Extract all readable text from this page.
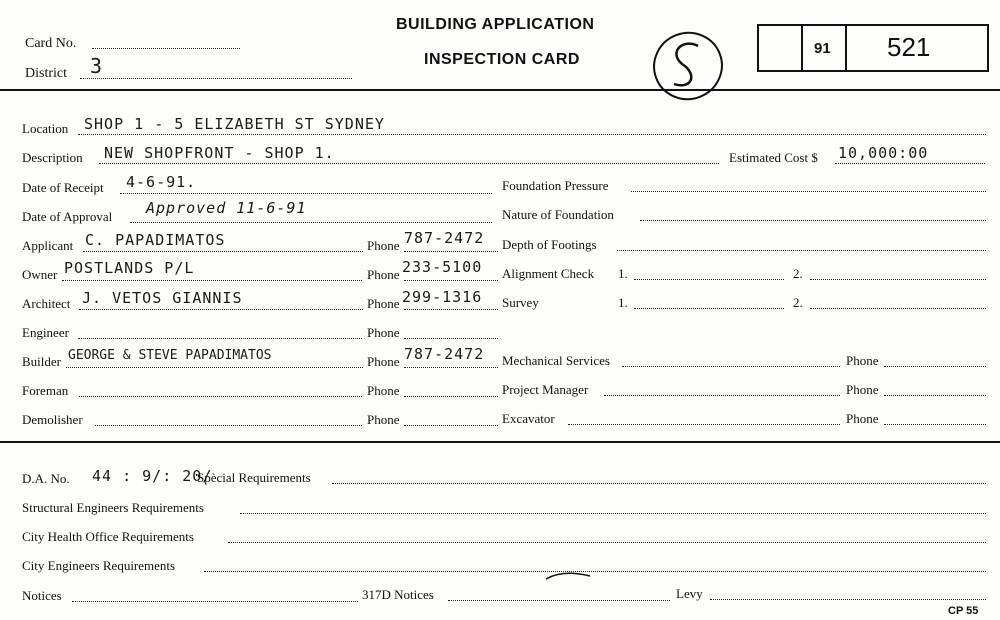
Card No.
District 3
BUILDING APPLICATION
INSPECTION CARD
91 521
Location SHOP 1 - 5 ELIZABETH ST SYDNEY
Description NEW SHOPFRONT - SHOP 1.	Estimated Cost $ 10,000:00
Date of Receipt 4-6-91.	Foundation Pressure
Date of Approval Approved 11-6-91	Nature of Foundation
Applicant C. PAPADIMATOS	Phone 787-2472 Depth of Footings
Owner POSTLANDS P/L	Phone 233-5100 Alignment Check 1.	2.
Architect J. VETOS GIANNIS	Phone 299-1316 Survey	1.	2.
Engineer	Phone
Builder GEORGE & STEVE PAPADIMATOS	Phone 787-2472 Mechanical Services	Phone
Foreman	Phone	Project Manager	Phone
Demolisher	Phone	Excavator	Phone
D.A. No. 44 : 9/: 20/
Spècial Requirements
Structural Engineers Requirements
City Health Office Requirements
City Engineers Requirements
Notices	317D Notices	Levy
CP 55
